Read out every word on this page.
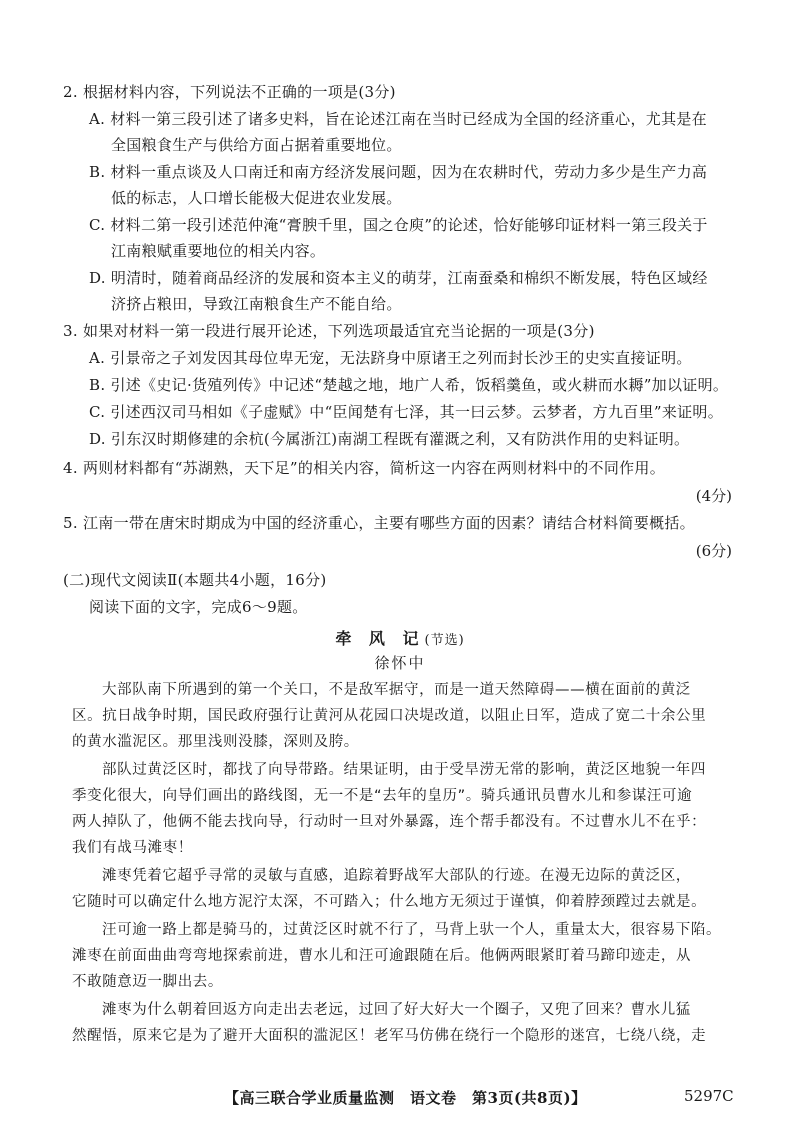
2. 根据材料内容，下列说法不正确的一项是(3分)
A. 材料一第三段引述了诸多史料，旨在论述江南在当时已经成为全国的经济重心，尤其是在
全国粮食生产与供给方面占据着重要地位。
B. 材料一重点谈及人口南迁和南方经济发展问题，因为在农耕时代，劳动力多少是生产力高
低的标志，人口增长能极大促进农业发展。
C. 材料二第一段引述范仲淹“膏腴千里，国之仓庾”的论述，恰好能够印证材料一第三段关于
江南粮赋重要地位的相关内容。
D. 明清时，随着商品经济的发展和资本主义的萌芽，江南蚕桑和棉织不断发展，特色区域经
济挤占粮田，导致江南粮食生产不能自给。
3. 如果对材料一第一段进行展开论述，下列选项最适宜充当论据的一项是(3分)
A. 引景帝之子刘发因其母位卑无宠，无法跻身中原诸王之列而封长沙王的史实直接证明。
B. 引述《史记·货殖列传》中记述“楚越之地，地广人希，饭稻羹鱼，或火耕而水耨”加以证明。
C. 引述西汉司马相如《子虚赋》中“臣闻楚有七泽，其一曰云梦。云梦者，方九百里”来证明。
D. 引东汉时期修建的余杭(今属浙江)南湖工程既有灌溉之利，又有防洪作用的史料证明。
4. 两则材料都有“苏湖熟，天下足”的相关内容，简析这一内容在两则材料中的不同作用。
(4分)
5. 江南一带在唐宋时期成为中国的经济重心，主要有哪些方面的因素？请结合材料简要概括。
(6分)
(二)现代文阅读Ⅱ(本题共4小题，16分)
阅读下面的文字，完成6～9题。
牵 风 记(节选)
徐怀中
大部队南下所遇到的第一个关口，不是敌军据守，而是一道天然障碍——横在面前的黄泛
区。抗日战争时期，国民政府强行让黄河从花园口决堤改道，以阻止日军，造成了宽二十余公里
的黄水滥泥区。那里浅则没膝，深则及胯。
部队过黄泛区时，都找了向导带路。结果证明，由于受旱涝无常的影响，黄泛区地貌一年四
季变化很大，向导们画出的路线图，无一不是“去年的皇历”。骑兵通讯员曹水儿和参谋汪可逾
两人掉队了，他俩不能去找向导，行动时一旦对外暴露，连个帮手都没有。不过曹水儿不在乎：
我们有战马滩枣！
滩枣凭着它超乎寻常的灵敏与直感，追踪着野战军大部队的行迹。在漫无边际的黄泛区，
它随时可以确定什么地方泥泞太深，不可踏入；什么地方无须过于谨慎，仰着脖颈蹚过去就是。
汪可逾一路上都是骑马的，过黄泛区时就不行了，马背上驮一个人，重量太大，很容易下陷。
滩枣在前面曲曲弯弯地探索前进，曹水儿和汪可逾跟随在后。他俩两眼紧盯着马蹄印迹走，从
不敢随意迈一脚出去。
滩枣为什么朝着回返方向走出去老远，过回了好大好大一个圈子，又兜了回来？曹水儿猛
然醒悟，原来它是为了避开大面积的滥泥区！老军马仿佛在绕行一个隐形的迷宫，七绕八绕，走
【高三联合学业质量监测　语文卷　第3页(共8页)】	5297C
